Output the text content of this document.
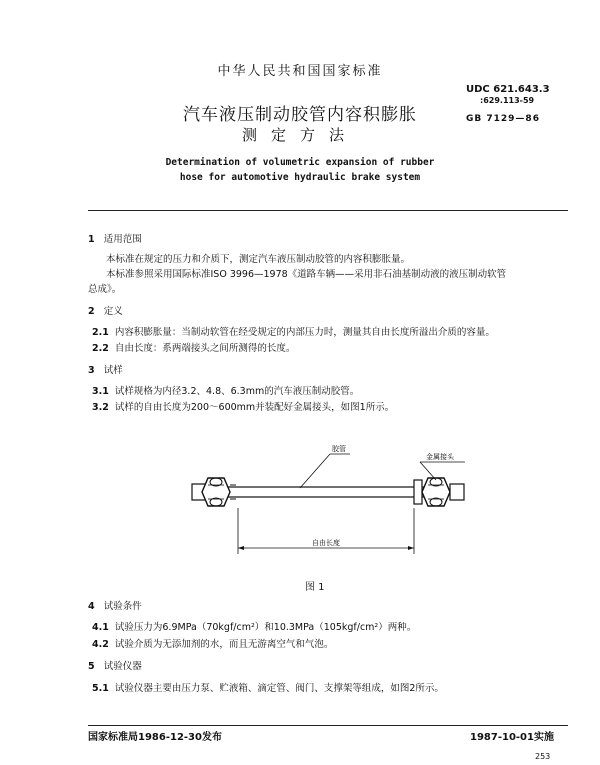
中华人民共和国国家标准
UDC 621.643.3
:629.113-59
GB 7129—86
汽车液压制动胶管内容积膨胀
测定方法
Determination of volumetric expansion of rubber
hose for automotive hydraulic brake system
1 适用范围
本标准在规定的压力和介质下，测定汽车液压制动胶管的内容积膨胀量。
本标准参照采用国际标准ISO 3996—1978《道路车辆——采用非石油基制动液的液压制动软管
总成》。
2 定义
2.1 内容积膨胀量：当制动软管在经受规定的内部压力时，测量其自由长度所溢出介质的容量。
2.2 自由长度：系两端接头之间所测得的长度。
3 试样
3.1 试样规格为内径3.2、4.8、6.3mm的汽车液压制动胶管。
3.2 试样的自由长度为200～600mm并装配好金属接头，如图1所示。
胶管
金属接头
自由长度
图 1
4 试验条件
4.1 试验压力为6.9MPa（70kgf/cm²）和10.3MPa（105kgf/cm²）两种。
4.2 试验介质为无添加剂的水，而且无游离空气和气泡。
5 试验仪器
5.1 试验仪器主要由压力泵、贮液箱、滴定管、阀门、支撑架等组成，如图2所示。
国家标准局1986-12-30发布	1987-10-01实施
253
